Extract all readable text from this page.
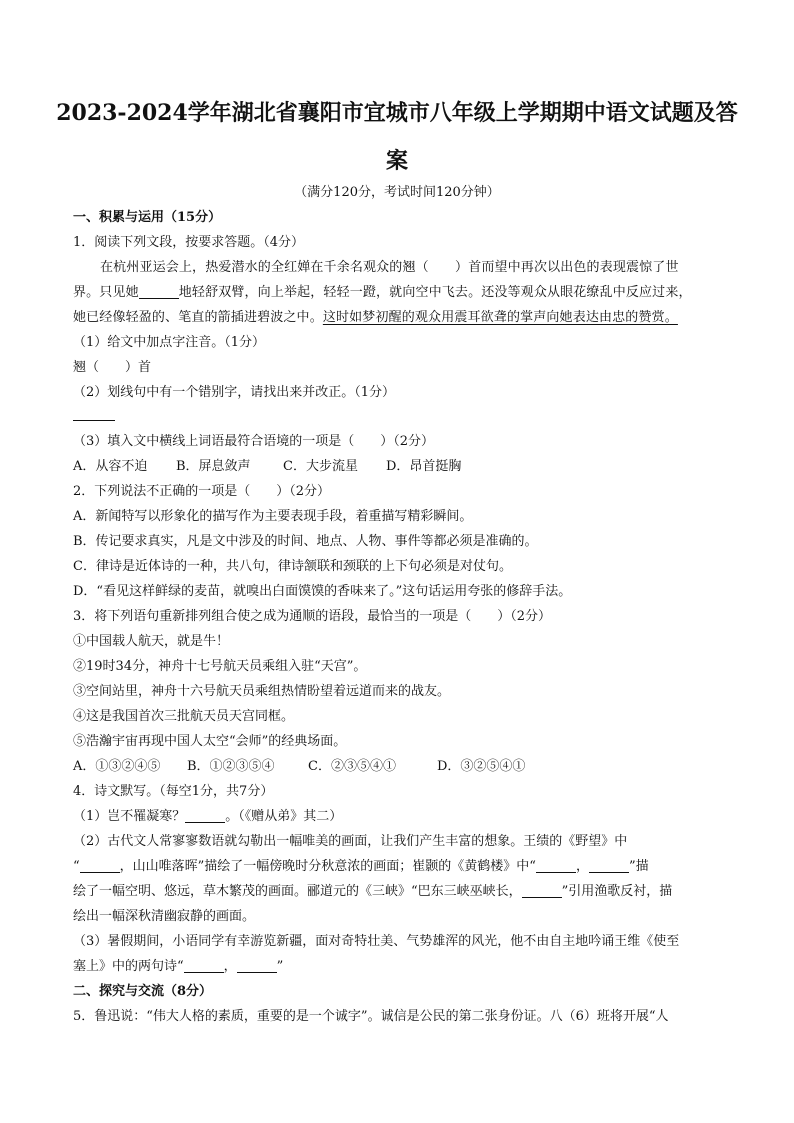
2023-2024学年湖北省襄阳市宜城市八年级上学期期中语文试题及答
案
（满分120分，考试时间120分钟）
一、积累与运用（15分）
1．阅读下列文段，按要求答题。（4分）
在杭州亚运会上，热爱潜水的全红婵在千余名观众的翘（　　）首而望中再次以出色的表现震惊了世
界。只见她	地轻舒双臂，向上举起，轻轻一蹬，就向空中飞去。还没等观众从眼花缭乱中反应过来，
她已经像轻盈的、笔直的箭插进碧波之中。这时如梦初醒的观众用震耳欲聋的掌声向她表达由忠的赞赏。
（1）给文中加点字注音。（1分）
翘（　　）首
（2）划线句中有一个错别字，请找出来并改正。（1分）
（3）填入文中横线上词语最符合语境的一项是（　　）（2分）
A．从容不迫 B．屏息敛声 C．大步流星 D．昂首挺胸
2．下列说法不正确的一项是（　　）（2分）
A．新闻特写以形象化的描写作为主要表现手段，着重描写精彩瞬间。
B．传记要求真实，凡是文中涉及的时间、地点、人物、事件等都必须是准确的。
C．律诗是近体诗的一种，共八句，律诗颔联和颈联的上下句必须是对仗句。
D．“看见这样鲜绿的麦苗，就嗅出白面馍馍的香味来了。”这句话运用夸张的修辞手法。
3．将下列语句重新排列组合使之成为通顺的语段，最恰当的一项是（　　）（2分）
①中国载人航天，就是牛！
②19时34分，神舟十七号航天员乘组入驻“天宫”。
③空间站里，神舟十六号航天员乘组热情盼望着远道而来的战友。
④这是我国首次三批航天员天宫同框。
⑤浩瀚宇宙再现中国人太空“会师”的经典场面。
A．①③②④⑤ B．①②③⑤④	C．②③⑤④①	D．③②⑤④①
4．诗文默写。（每空1分，共7分）
（1）岂不罹凝寒？	。（《赠从弟》其二）
（2）古代文人常寥寥数语就勾勒出一幅唯美的画面，让我们产生丰富的想象。王绩的《野望》中
“	，山山唯落晖”描绘了一幅傍晚时分秋意浓的画面；崔颢的《黄鹤楼》中“	，	”描
绘了一幅空明、悠远，草木繁茂的画面。郦道元的《三峡》“巴东三峡巫峡长，	”引用渔歌反衬，描
绘出一幅深秋清幽寂静的画面。
（3）暑假期间，小语同学有幸游览新疆，面对奇特壮美、气势雄浑的风光，他不由自主地吟诵王维《使至
塞上》中的两句诗“	，	”
二、探究与交流（8分）
5．鲁迅说：“伟大人格的素质，重要的是一个诚字”。诚信是公民的第二张身份证。八（6）班将开展“人
